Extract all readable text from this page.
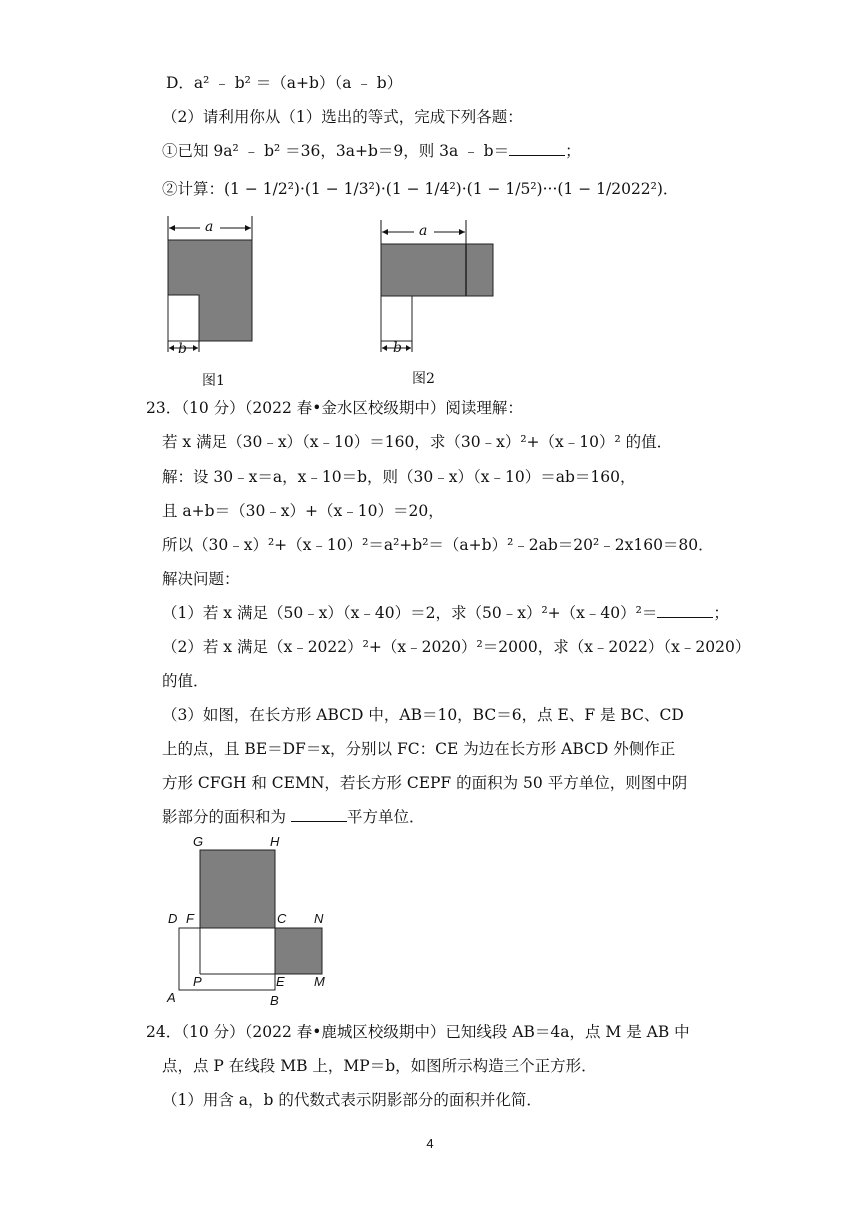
D．a² ﹣ b² ＝（a+b）（a ﹣ b）
（2）请利用你从（1）选出的等式，完成下列各题：
①已知 9a² ﹣ b² ＝36，3a+b＝9，则 3a ﹣ b＝	；
②计算：(1 − 1/2²)·(1 − 1/3²)·(1 − 1/4²)·(1 − 1/5²)···(1 − 1/2022²)．
a
b
图1
a
b
图2
23．（10 分）（2022 春•金水区校级期中）阅读理解：
若 x 满足（30﹣x）（x﹣10）＝160，求（30﹣x）²+（x﹣10）² 的值．
解：设 30﹣x＝a，x﹣10＝b，则（30﹣x）（x﹣10）＝ab＝160，
且 a+b＝（30﹣x）+（x﹣10）＝20，
所以（30﹣x）²+（x﹣10）²＝a²+b²＝（a+b）²﹣2ab＝20²﹣2x160＝80．
解决问题：
（1）若 x 满足（50﹣x）（x﹣40）＝2，求（50﹣x）²+（x﹣40）²＝	；
（2）若 x 满足（x﹣2022）²+（x﹣2020）²＝2000，求（x﹣2022）（x﹣2020）
的值．
（3）如图，在长方形 ABCD 中，AB＝10，BC＝6，点 E、F 是 BC、CD
上的点，且 BE＝DF＝x，分别以 FC：CE 为边在长方形 ABCD 外侧作正
方形 CFGH 和 CEMN，若长方形 CEPF 的面积为 50 平方单位，则图中阴
影部分的面积和为	平方单位．
G	H
D F	C N
P	E M
A	B
24．（10 分）（2022 春•鹿城区校级期中）已知线段 AB＝4a，点 M 是 AB 中
点，点 P 在线段 MB 上，MP＝b，如图所示构造三个正方形．
（1）用含 a，b 的代数式表示阴影部分的面积并化简．
4
